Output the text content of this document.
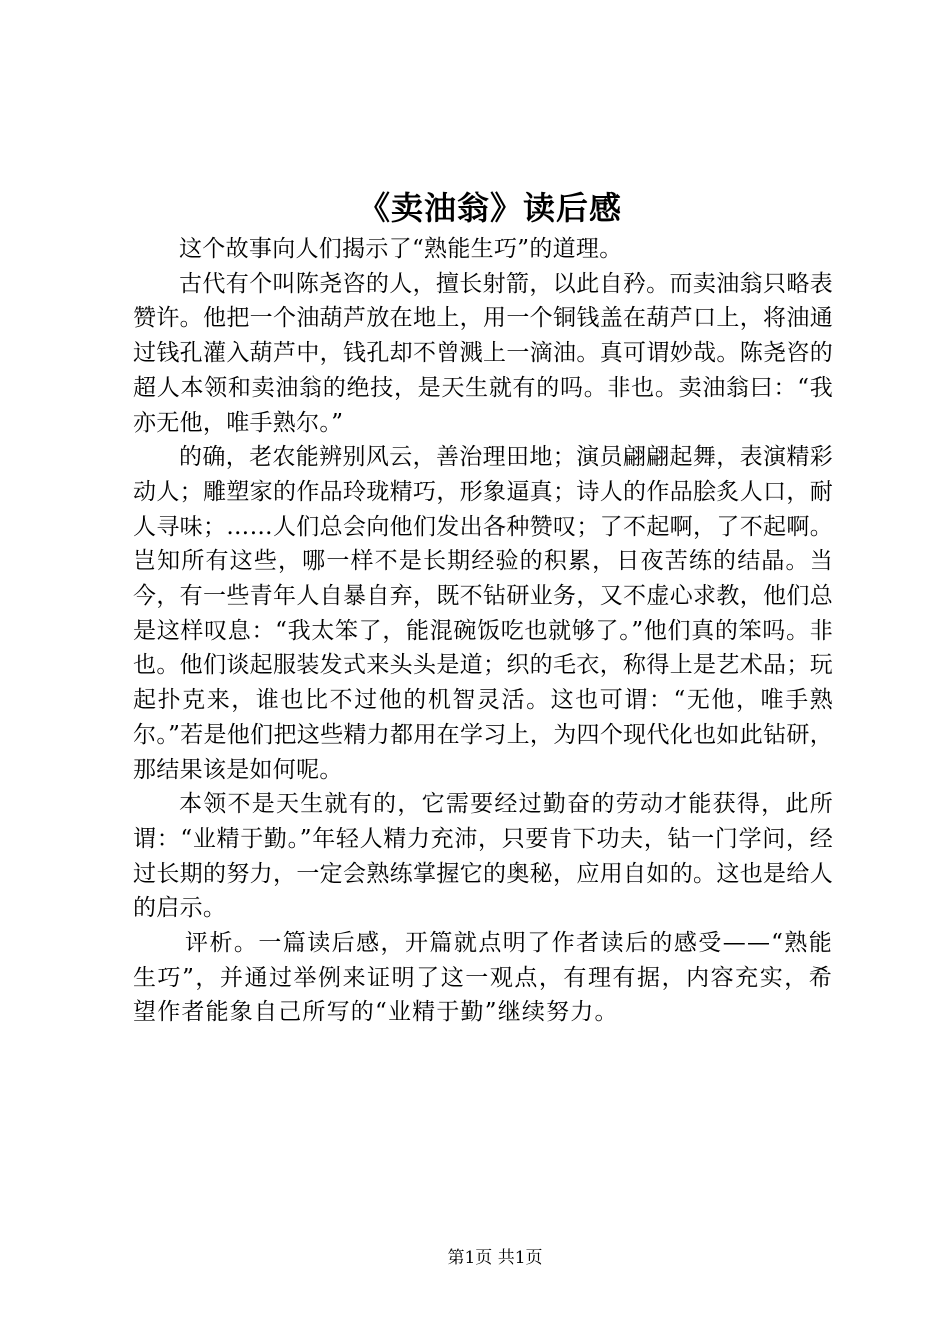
《卖油翁》读后感

这个故事向人们揭示了“熟能生巧”的道理。

古代有个叫陈尧咨的人，擅长射箭，以此自矜。而卖油翁只略表赞许。他把一个油葫芦放在地上，用一个铜钱盖在葫芦口上，将油通过钱孔灌入葫芦中，钱孔却不曾溅上一滴油。真可谓妙哉。陈尧咨的超人本领和卖油翁的绝技，是天生就有的吗。非也。卖油翁曰：“我亦无他，唯手熟尔。”

的确，老农能辨别风云，善治理田地；演员翩翩起舞，表演精彩动人；雕塑家的作品玲珑精巧，形象逼真；诗人的作品脍炙人口，耐人寻味；……人们总会向他们发出各种赞叹；了不起啊，了不起啊。岂知所有这些，哪一样不是长期经验的积累，日夜苦练的结晶。当今，有一些青年人自暴自弃，既不钻研业务，又不虚心求教，他们总是这样叹息：“我太笨了，能混碗饭吃也就够了。”他们真的笨吗。非也。他们谈起服装发式来头头是道；织的毛衣，称得上是艺术品；玩起扑克来，谁也比不过他的机智灵活。这也可谓：“无他，唯手熟尔。”若是他们把这些精力都用在学习上，为四个现代化也如此钻研，那结果该是如何呢。

本领不是天生就有的，它需要经过勤奋的劳动才能获得，此所谓：“业精于勤。”年轻人精力充沛，只要肯下功夫，钻一门学问，经过长期的努力，一定会熟练掌握它的奥秘，应用自如的。这也是给人的启示。

评析。一篇读后感，开篇就点明了作者读后的感受——“熟能生巧”，并通过举例来证明了这一观点，有理有据，内容充实，希望作者能象自己所写的“业精于勤”继续努力。

第1页 共1页
